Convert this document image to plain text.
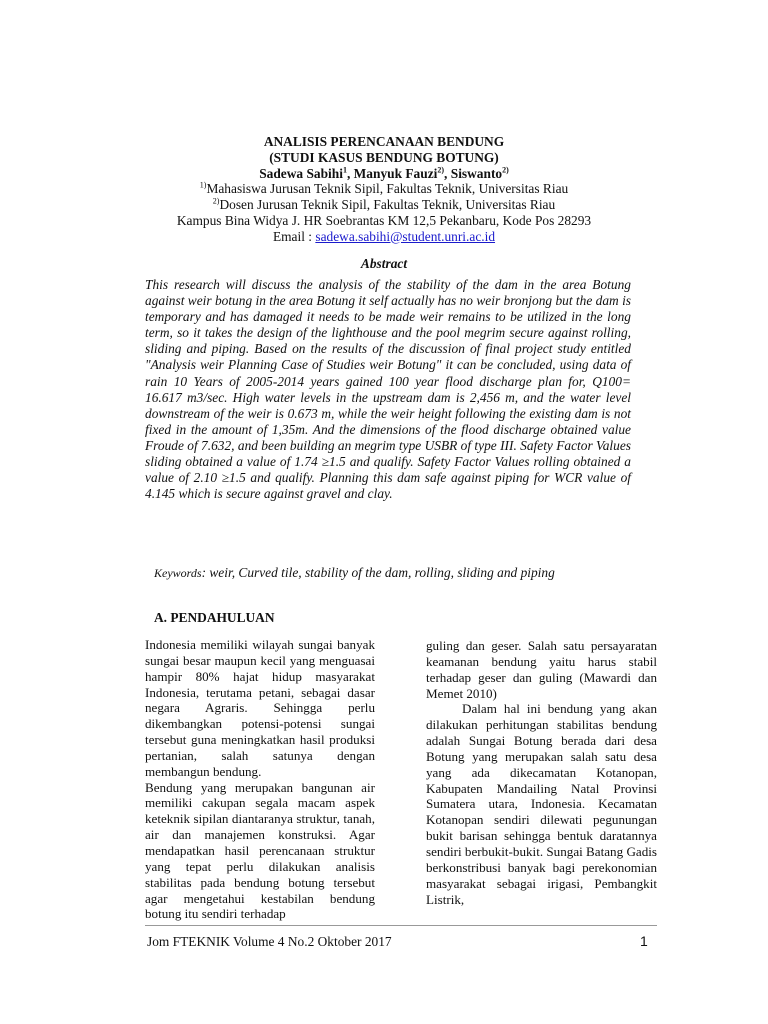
ANALISIS PERENCANAAN BENDUNG
(STUDI KASUS BENDUNG BOTUNG)
Sadewa Sabihi$^1$, Manyuk Fauzi$^{2)}$, Siswanto$^{2)}$
$^{1)}$Mahasiswa Jurusan Teknik Sipil, Fakultas Teknik, Universitas Riau
$^{2)}$Dosen Jurusan Teknik Sipil, Fakultas Teknik, Universitas Riau
Kampus Bina Widya J. HR Soebrantas KM 12,5 Pekanbaru, Kode Pos 28293
Email : sadewa.sabihi@student.unri.ac.id
Abstract

This research will discuss the analysis of the stability of the dam in the area Botung against weir botung in the area Botung it self actually has no weir bronjong but the dam is temporary and has damaged it needs to be made weir remains to be utilized in the long term, so it takes the design of the lighthouse and the pool megrim secure against rolling, sliding and piping. Based on the results of the discussion of final project study entitled "Analysis weir Planning Case of Studies weir Botung" it can be concluded, using data of rain 10 Years of 2005-2014 years gained 100 year flood discharge plan for, Q100= 16.617 m3/sec. High water levels in the upstream dam is 2,456 m, and the water level downstream of the weir is 0.673 m, while the weir height following the existing dam is not fixed in the amount of 1,35m. And the dimensions of the flood discharge obtained value Froude of 7.632, and been building an megrim type USBR of type III. Safety Factor Values sliding obtained a value of 1.74 ≥1.5 and qualify. Safety Factor Values rolling obtained a value of 2.10 ≥1.5 and qualify. Planning this dam safe against piping for WCR value of 4.145 which is secure against gravel and clay.

Keywords: weir, Curved tile, stability of the dam, rolling, sliding and piping

A. PENDAHULUAN

Indonesia memiliki wilayah sungai banyak sungai besar maupun kecil yang menguasai hampir 80% hajat hidup masyarakat Indonesia, terutama petani, sebagai dasar negara Agraris. Sehingga perlu dikembangkan potensi-potensi sungai tersebut guna meningkatkan hasil produksi pertanian, salah satunya dengan membangun bendung.

Bendung yang merupakan bangunan air memiliki cakupan segala macam aspek keteknik sipilan diantaranya struktur, tanah, air dan manajemen konstruksi. Agar mendapatkan hasil perencanaan struktur yang tepat perlu dilakukan analisis stabilitas pada bendung botung tersebut agar mengetahui kestabilan bendung botung itu sendiri terhadap

guling dan geser. Salah satu persayaratan keamanan bendung yaitu harus stabil terhadap geser dan guling (Mawardi dan Memet 2010)

Dalam hal ini bendung yang akan dilakukan perhitungan stabilitas bendung adalah Sungai Botung berada dari desa Botung yang merupakan salah satu desa yang ada dikecamatan Kotanopan, Kabupaten Mandailing Natal Provinsi Sumatera utara, Indonesia. Kecamatan Kotanopan sendiri dilewati pegunungan bukit barisan sehingga bentuk daratannya sendiri berbukit-bukit. Sungai Batang Gadis berkonstribusi banyak bagi perekonomian masyarakat sebagai irigasi, Pembangkit Listrik,

Jom FTEKNIK Volume 4 No.2 Oktober 2017	1
